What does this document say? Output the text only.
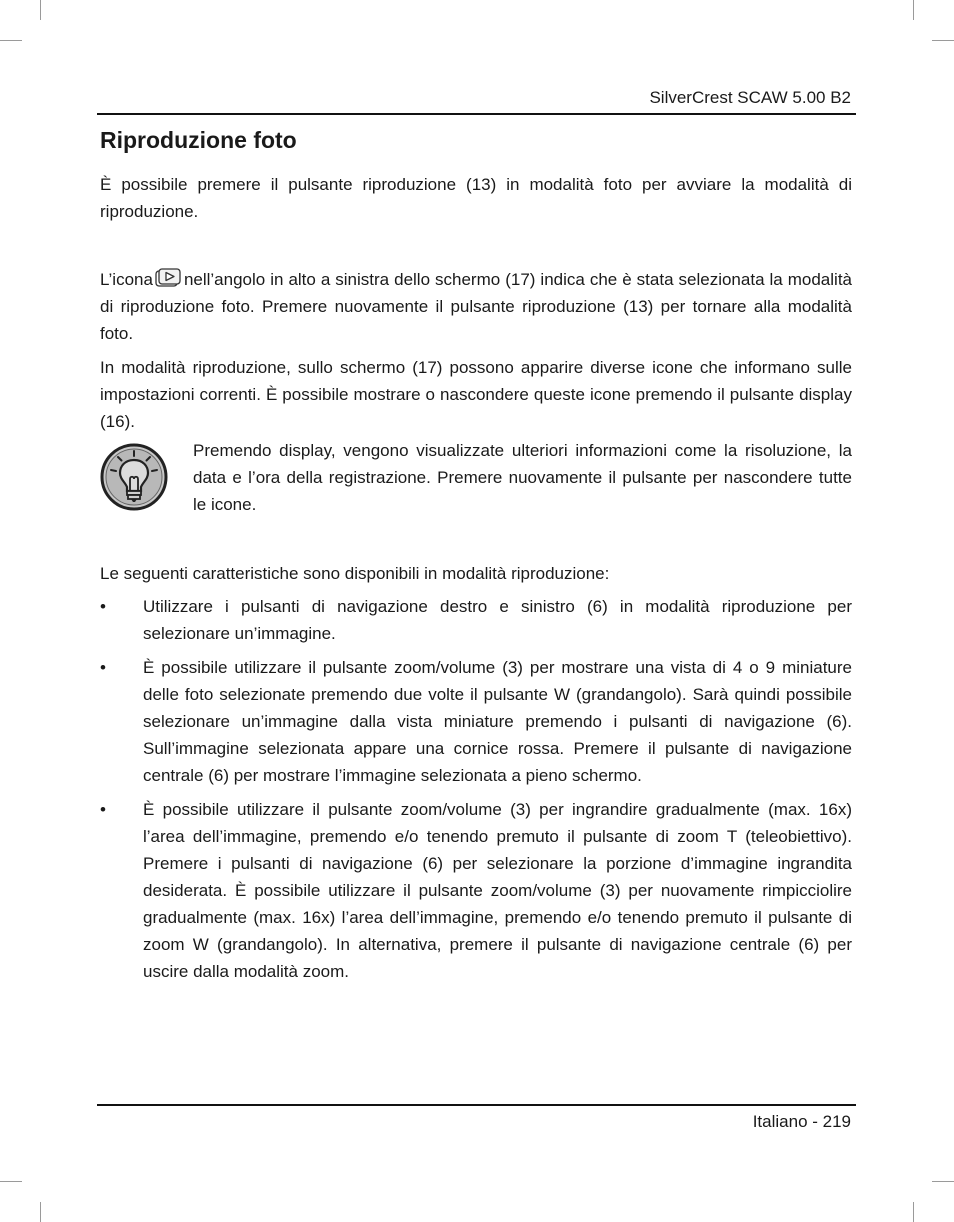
SilverCrest SCAW 5.00 B2
Riproduzione foto

È possibile premere il pulsante riproduzione (13) in modalità foto per avviare la modalità di riproduzione.

L’icona nell’angolo in alto a sinistra dello schermo (17) indica che è stata selezionata la modalità di riproduzione foto. Premere nuovamente il pulsante riproduzione (13) per tornare alla modalità foto.

In modalità riproduzione, sullo schermo (17) possono apparire diverse icone che informano sulle impostazioni correnti. È possibile mostrare o nascondere queste icone premendo il pulsante display (16).

Premendo display, vengono visualizzate ulteriori informazioni come la risoluzione, la data e l’ora della registrazione. Premere nuovamente il pulsante per nascondere tutte le icone.

Le seguenti caratteristiche sono disponibili in modalità riproduzione:

•	Utilizzare i pulsanti di navigazione destro e sinistro (6) in modalità riproduzione per selezionare un’immagine.
•	È possibile utilizzare il pulsante zoom/volume (3) per mostrare una vista di 4 o 9 miniature delle foto selezionate premendo due volte il pulsante W (grandangolo). Sarà quindi possibile selezionare un’immagine dalla vista miniature premendo i pulsanti di navigazione (6). Sull’immagine selezionata appare una cornice rossa. Premere il pulsante di navigazione centrale (6) per mostrare l’immagine selezionata a pieno schermo.
•	È possibile utilizzare il pulsante zoom/volume (3) per ingrandire gradualmente (max. 16x) l’area dell’immagine, premendo e/o tenendo premuto il pulsante di zoom T (teleobiettivo). Premere i pulsanti di navigazione (6) per selezionare la porzione d’immagine ingrandita desiderata. È possibile utilizzare il pulsante zoom/volume (3) per nuovamente rimpicciolire gradualmente (max. 16x) l’area dell’immagine, premendo e/o tenendo premuto il pulsante di zoom W (grandangolo). In alternativa, premere il pulsante di navigazione centrale (6) per uscire dalla modalità zoom.
Italiano - 219
